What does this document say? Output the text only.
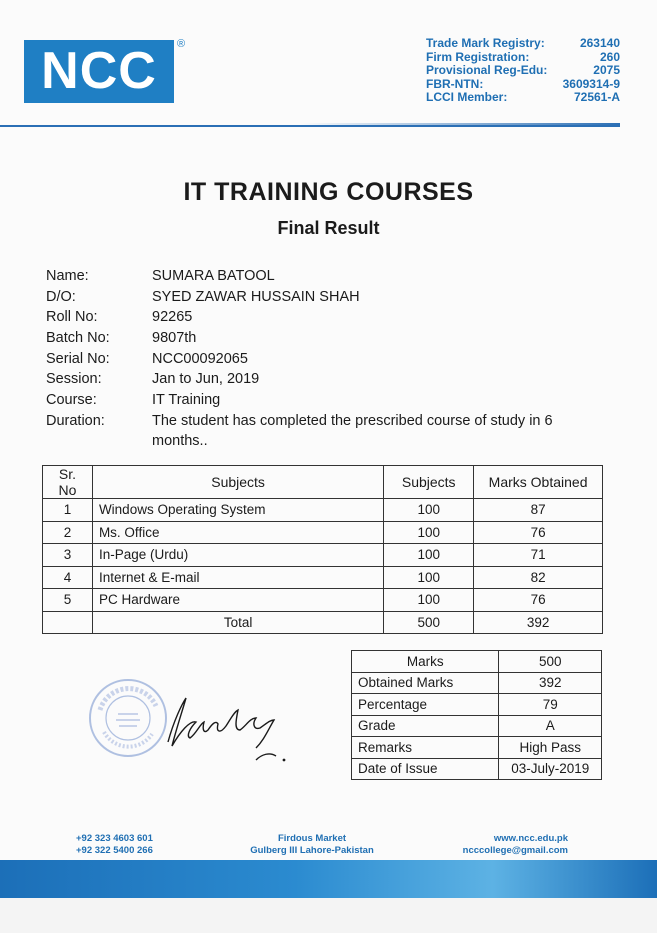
NCC	®	Trade Mark Registry:	263140
Firm Registration:	260
Provisional Reg-Edu:	2075
FBR-NTN:	3609314-9
LCCI Member:	72561-A
IT TRAINING COURSES
Final Result
Name:	SUMARA BATOOL
D/O:	SYED ZAWAR HUSSAIN SHAH
Roll No:	92265
Batch No:	9807th
Serial No:	NCC00092065
Session:	Jan to Jun, 2019
Course:	IT Training
Duration:	The student has completed the prescribed course of study in 6 months..
Sr. No	Subjects	Subjects	Marks Obtained
1	Windows Operating System	100	87
2	Ms. Office	100	76
3	In-Page (Urdu)	100	71
4	Internet & E-mail	100	82
5	PC Hardware	100	76
	Total	500	392
Marks	500
Obtained Marks	392
Percentage	79
Grade	A
Remarks	High Pass
Date of Issue	03-July-2019
+92 323 4603 601
+92 322 5400 266
Firdous Market
Gulberg III Lahore-Pakistan
www.ncc.edu.pk
ncccollege@gmail.com
